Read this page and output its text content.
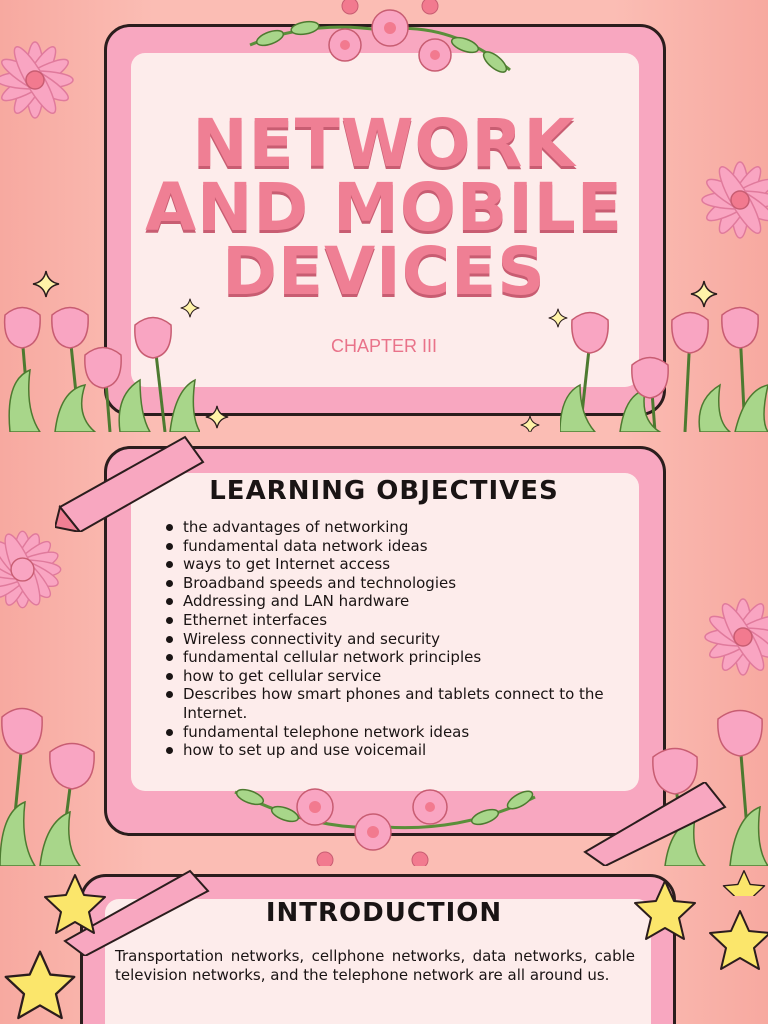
NETWORK
AND MOBILE
DEVICES
CHAPTER III
LEARNING OBJECTIVES
the advantages of networking
fundamental data network ideas
ways to get Internet access
Broadband speeds and technologies
Addressing and LAN hardware
Ethernet interfaces
Wireless connectivity and security
fundamental cellular network principles
how to get cellular service
Describes how smart phones and tablets connect to the Internet.
fundamental telephone network ideas
how to set up and use voicemail
INTRODUCTION
Transportation networks, cellphone networks, data networks, cable television networks, and the telephone network are all around us.
